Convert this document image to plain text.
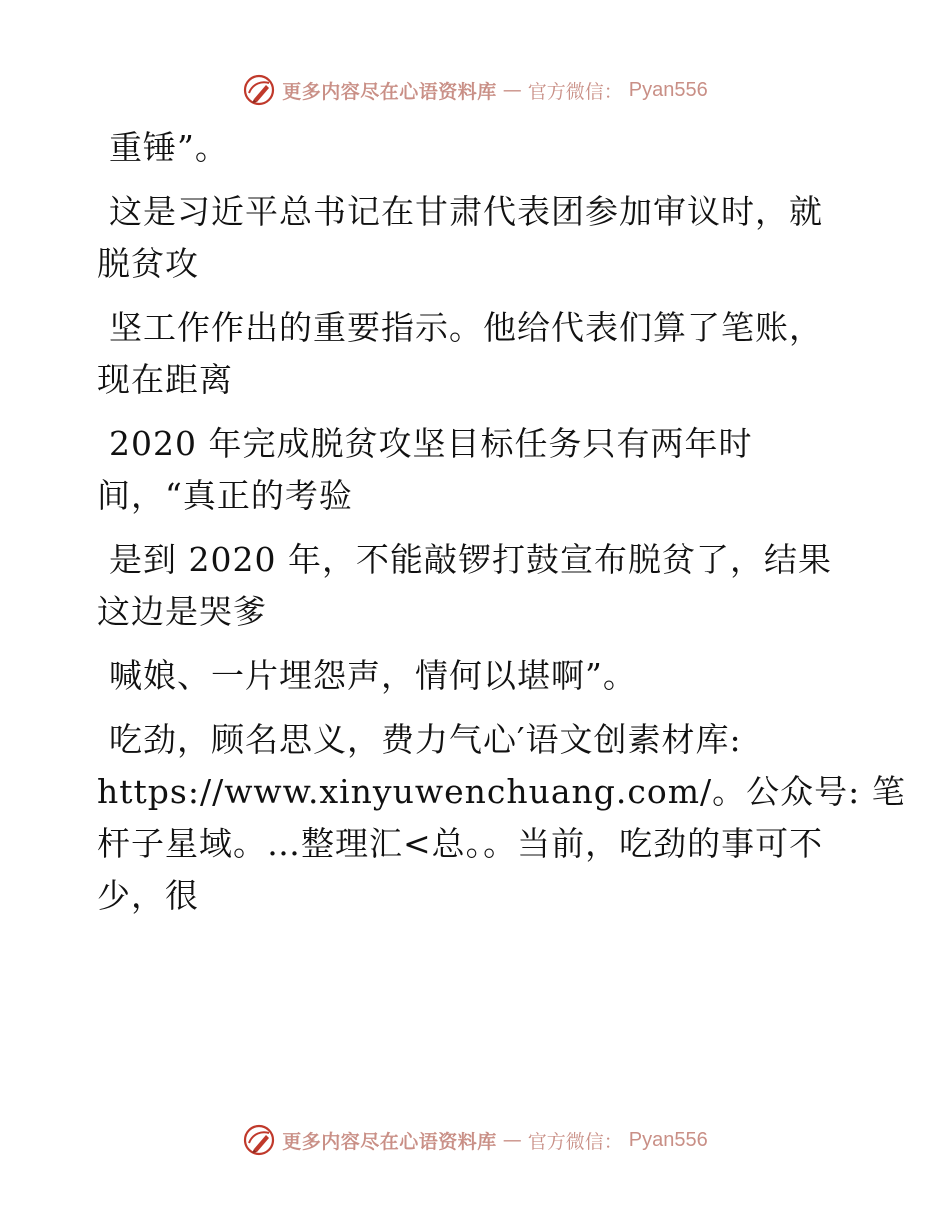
更多内容尽在心语资料库 — 官方微信： Pyan556
重锤”。
这是习近平总书记在甘肃代表团参加审议时，就
脱贫攻
坚工作作出的重要指示。他给代表们算了笔账，
现在距离
2020 年完成脱贫攻坚目标任务只有两年时
间，“真正的考验
是到 2020 年，不能敲锣打鼓宣布脱贫了，结果
这边是哭爹
喊娘、一片埋怨声，情何以堪啊”。
吃劲，顾名思义，费力气心′语文创素材库:
https://www.xinyuwenchuang.com/。公众号: 笔
杆子星域。…整理汇<总。。当前，吃劲的事可不
少，很
更多内容尽在心语资料库 — 官方微信： Pyan556
